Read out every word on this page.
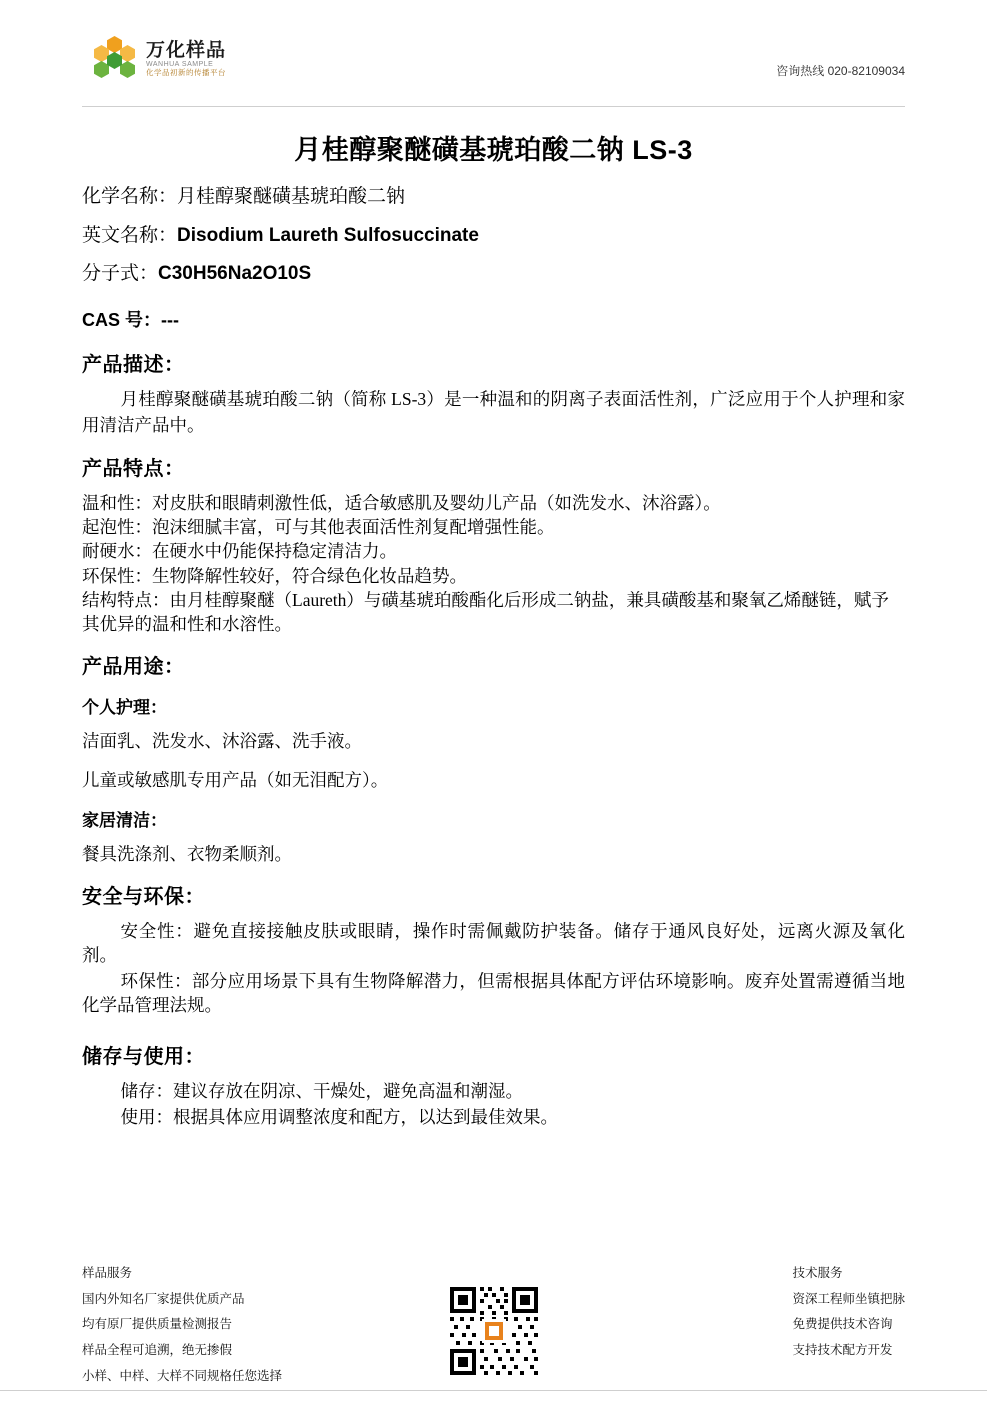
万化样品
WANHUA SAMPLE
化学品初新的传播平台	咨询热线 020-82109034
月桂醇聚醚磺基琥珀酸二钠 LS-3
化学名称：月桂醇聚醚磺基琥珀酸二钠
英文名称：Disodium Laureth Sulfosuccinate
分子式：C30H56Na2O10S
CAS 号：---
产品描述：

月桂醇聚醚磺基琥珀酸二钠（简称 LS-3）是一种温和的阴离子表面活性剂，广泛应用于个人护理和家用清洁产品中。

产品特点：

温和性：对皮肤和眼睛刺激性低，适合敏感肌及婴幼儿产品（如洗发水、沐浴露）。

起泡性：泡沫细腻丰富，可与其他表面活性剂复配增强性能。

耐硬水：在硬水中仍能保持稳定清洁力。

环保性：生物降解性较好，符合绿色化妆品趋势。

结构特点：由月桂醇聚醚（Laureth）与磺基琥珀酸酯化后形成二钠盐，兼具磺酸基和聚氧乙烯醚链，赋予其优异的温和性和水溶性。

产品用途：
个人护理：

洁面乳、洗发水、沐浴露、洗手液。

儿童或敏感肌专用产品（如无泪配方）。

家居清洁：

餐具洗涤剂、衣物柔顺剂。

安全与环保：

安全性：避免直接接触皮肤或眼睛，操作时需佩戴防护装备。储存于通风良好处，远离火源及氧化剂。

环保性：部分应用场景下具有生物降解潜力，但需根据具体配方评估环境影响。废弃处置需遵循当地化学品管理法规。

储存与使用：

储存：建议存放在阴凉、干燥处，避免高温和潮湿。

使用：根据具体应用调整浓度和配方，以达到最佳效果。

样品服务
国内外知名厂家提供优质产品
均有原厂提供质量检测报告
样品全程可追溯，绝无掺假
小样、中样、大样不同规格任您选择
技术服务
资深工程师坐镇把脉
免费提供技术咨询
支持技术配方开发
